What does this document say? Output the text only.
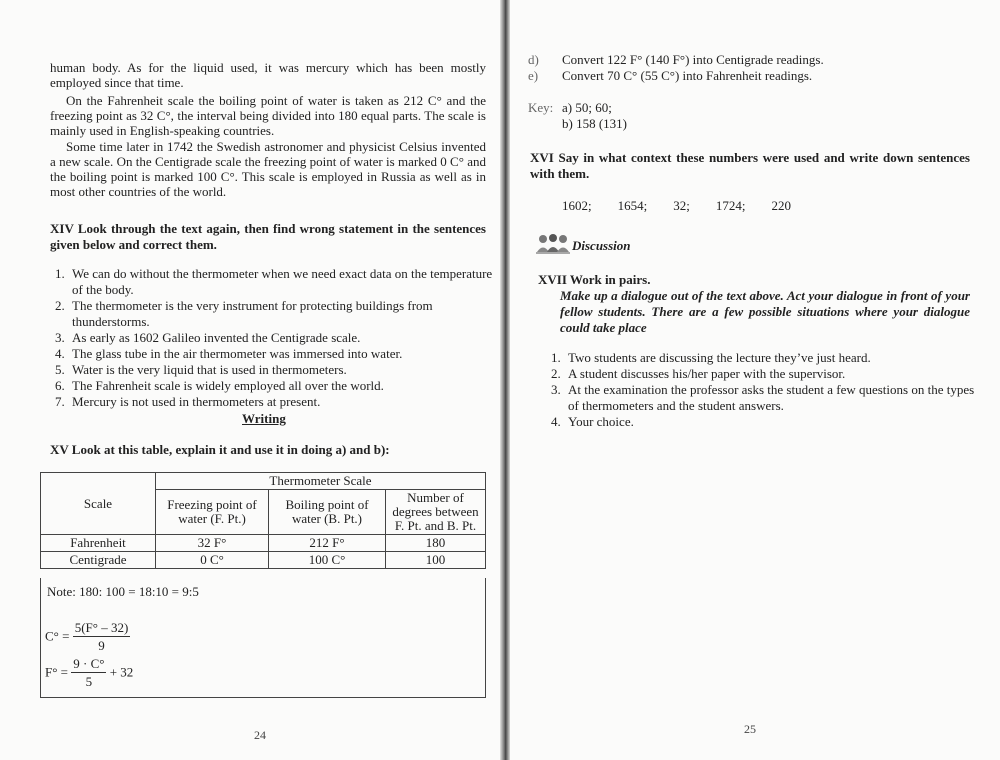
human body. As for the liquid used, it was mercury which has been mostly employed since that time.
On the Fahrenheit scale the boiling point of water is taken as 212 C° and the freezing point as 32 C°, the interval being divided into 180 equal parts. The scale is mainly used in English-speaking countries.
Some time later in 1742 the Swedish astronomer and physicist Celsius invented a new scale. On the Centigrade scale the freezing point of water is marked 0 C° and the boiling point is marked 100 C°. This scale is employed in Russia as well as in most other countries of the world.
XIV Look through the text again, then find wrong statement in the sentences given below and correct them.
1. We can do without the thermometer when we need exact data on the temperature of the body.
2. The thermometer is the very instrument for protecting buildings from thunderstorms.
3. As early as 1602 Galileo invented the Centigrade scale.
4. The glass tube in the air thermometer was immersed into water.
5. Water is the very liquid that is used in thermometers.
6. The Fahrenheit scale is widely employed all over the world.
7. Mercury is not used in thermometers at present.
Writing
XV Look at this table, explain it and use it in doing a) and b):
Scale	Thermometer Scale		
	Freezing point of water (F. Pt.)	Boiling point of water (B. Pt.)	Number of degrees between F. Pt. and B. Pt.
Fahrenheit	32 F°	212 F°	180
Centigrade	0 C°	100 C°	100
Note: 180: 100 = 18:10 = 9:5
$C^\circ = \frac{5(F^\circ - 32)}{9}$
$F^\circ = \frac{9 \cdot C^\circ}{5} + 32$
24
d)	Convert 122 F° (140 F°) into Centigrade readings.
e)	Convert 70 C° (55 C°) into Fahrenheit readings.
Key: a) 50; 60;
b) 158 (131)
XVI Say in what context these numbers were used and write down sentences with them.
1602; 1654; 32; 1724; 220
Discussion
XVII Work in pairs.
Make up a dialogue out of the text above. Act your dialogue in front of your fellow students. There are a few possible situations where your dialogue could take place
1. Two students are discussing the lecture they’ve just heard.
2. A student discusses his/her paper with the supervisor.
3. At the examination the professor asks the student a few questions on the types of thermometers and the student answers.
4. Your choice.
25
